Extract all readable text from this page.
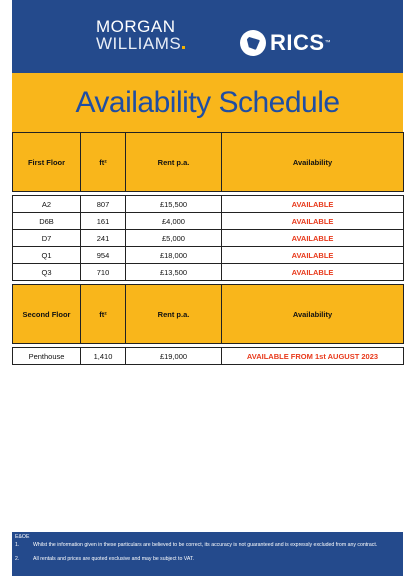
MORGAN
WILLIAMS	RICS ™
Availability Schedule
First Floor	ft²	Rent p.a.	Availability

A2	807	£15,500	AVAILABLE
D6B	161	£4,000	AVAILABLE
D7	241	£5,000	AVAILABLE
Q1	954	£18,000	AVAILABLE
Q3	710	£13,500	AVAILABLE

Second Floor	ft²	Rent p.a.	Availability

Penthouse	1,410	£19,000	AVAILABLE FROM 1st AUGUST 2023
E&OE
1.	Whilst the information given in these particulars are believed to be correct, its accuracy is not guaranteed and is expressly excluded from any contract.
2.	All rentals and prices are quoted exclusive and may be subject to VAT.
